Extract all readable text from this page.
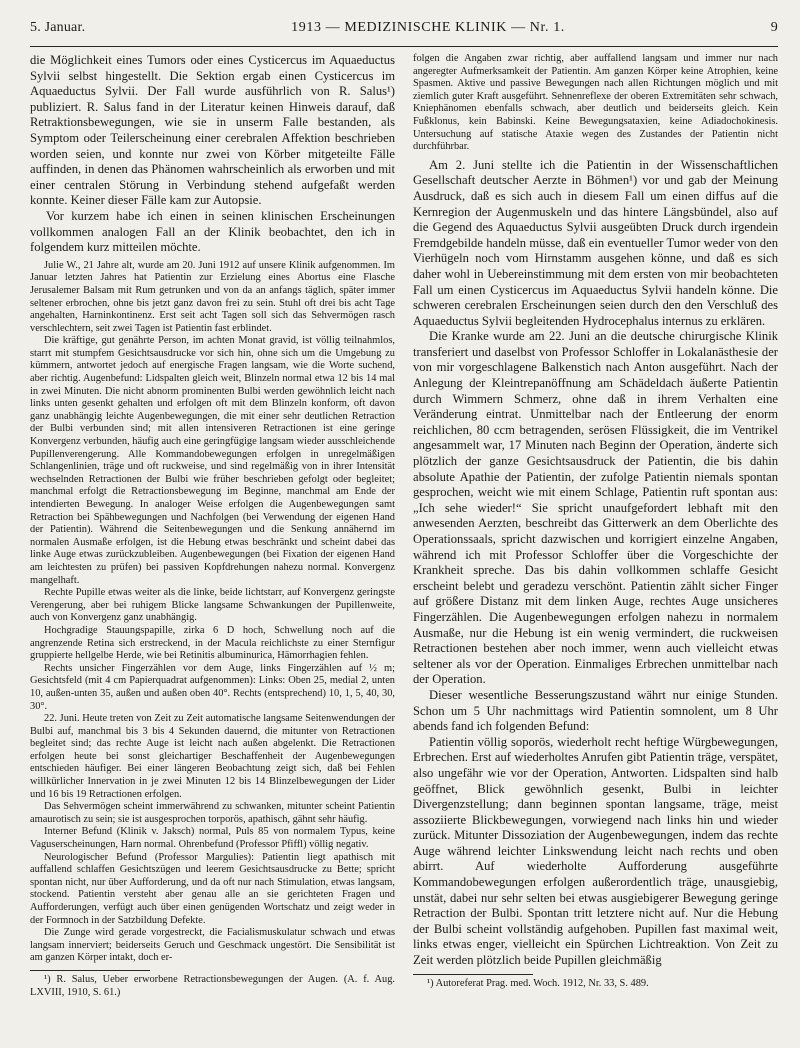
5. Januar.	1913 — MEDIZINISCHE KLINIK — Nr. 1.	9

die Möglichkeit eines Tumors oder eines Cysticercus im Aquaeductus Sylvii selbst hingestellt. Die Sektion ergab einen Cysticercus im Aquaeductus Sylvii. Der Fall wurde ausführlich von R. Salus¹) publiziert. R. Salus fand in der Literatur keinen Hinweis darauf, daß Retraktionsbewegungen, wie sie in unserm Falle bestanden, als Symptom oder Teilerscheinung einer cerebralen Affektion beschrieben worden seien, und konnte nur zwei von Körber mitgeteilte Fälle auffinden, in denen das Phänomen wahrscheinlich als erworben und mit einer centralen Störung in Verbindung stehend aufgefaßt werden konnte. Keiner dieser Fälle kam zur Autopsie.

Vor kurzem habe ich einen in seinen klinischen Erscheinungen vollkommen analogen Fall an der Klinik beobachtet, den ich in folgendem kurz mitteilen möchte.

Julie W., 21 Jahre alt, wurde am 20. Juni 1912 auf unsere Klinik aufgenommen. Im Januar letzten Jahres hat Patientin zur Erzielung eines Abortus eine Flasche Jerusalemer Balsam mit Rum getrunken und von da an anfangs täglich, später immer seltener erbrochen, ohne bis jetzt ganz davon frei zu sein. Stuhl oft drei bis acht Tage angehalten, Harninkontinenz. Erst seit acht Tagen soll sich das Sehvermögen rasch verschlechtern, seit zwei Tagen ist Patientin fast erblindet.

Die kräftige, gut genährte Person, im achten Monat gravid, ist völlig teilnahmlos, starrt mit stumpfem Gesichtsausdrucke vor sich hin, ohne sich um die Umgebung zu kümmern, antwortet jedoch auf energische Fragen langsam, wie die Worte suchend, aber richtig. Augenbefund: Lidspalten gleich weit, Blinzeln normal etwa 12 bis 14 mal in zwei Minuten. Die nicht abnorm prominenten Bulbi werden gewöhnlich leicht nach links unten gesenkt gehalten und erfolgen oft mit dem Blinzeln konform, oft davon ganz unabhängig leichte Augenbewegungen, die mit einer sehr deutlichen Retraction der Bulbi verbunden sind; mit allen intensiveren Retractionen ist eine geringe Konvergenz verbunden, häufig auch eine geringfügige langsam wieder ausschleichende Pupillenverengerung. Alle Kommandobewegungen erfolgen in unregelmäßigen Schlangenlinien, träge und oft ruckweise, und sind regelmäßig von in ihrer Intensität wechselnden Retractionen der Bulbi wie früher beschrieben gefolgt oder begleitet; manchmal erfolgt die Retractionsbewegung im Beginne, manchmal am Ende der intendierten Bewegung. In analoger Weise erfolgen die Augenbewegungen samt Retraction bei Spähbewegungen und Nachfolgen (bei Verwendung der eigenen Hand der Patientin). Während die Seitenbewegungen und die Senkung annähernd im normalen Ausmaße erfolgen, ist die Hebung etwas beschränkt und scheint dabei das linke Auge etwas zurückzubleiben. Augenbewegungen (bei Fixation der eigenen Hand am leichtesten zu prüfen) bei passiven Kopfdrehungen nahezu normal. Konvergenz mangelhaft.

Rechte Pupille etwas weiter als die linke, beide lichtstarr, auf Konvergenz geringste Verengerung, aber bei ruhigem Blicke langsame Schwankungen der Pupillenweite, auch von Konvergenz ganz unabhängig.

Hochgradige Stauungspapille, zirka 6 D hoch, Schwellung noch auf die angrenzende Retina sich erstreckend, in der Macula reichlichste zu einer Sternfigur gruppierte hellgelbe Herde, wie bei Retinitis albuminurica, Hämorrhagien fehlen.

Rechts unsicher Fingerzählen vor dem Auge, links Fingerzählen auf ½ m; Gesichtsfeld (mit 4 cm Papierquadrat aufgenommen): Links: Oben 25, medial 2, unten 10, außen-unten 35, außen und außen oben 40°. Rechts (entsprechend) 10, 1, 5, 40, 30, 30°.

22. Juni. Heute treten von Zeit zu Zeit automatische langsame Seitenwendungen der Bulbi auf, manchmal bis 3 bis 4 Sekunden dauernd, die mitunter von Retractionen begleitet sind; das rechte Auge ist leicht nach außen abgelenkt. Die Retractionen erfolgen heute bei sonst gleichartiger Beschaffenheit der Augenbewegungen entschieden häufiger. Bei einer längeren Beobachtung zeigt sich, daß bei Fehlen willkürlicher Innervation in je zwei Minuten 12 bis 14 Blinzelbewegungen der Lider und 16 bis 19 Retractionen erfolgen.

Das Sehvermögen scheint immerwährend zu schwanken, mitunter scheint Patientin amaurotisch zu sein; sie ist ausgesprochen torporös, apathisch, gähnt sehr häufig.

Interner Befund (Klinik v. Jaksch) normal, Puls 85 von normalem Typus, keine Vaguserscheinungen, Harn normal. Ohrenbefund (Professor Pfiffl) völlig negativ.

Neurologischer Befund (Professor Margulies): Patientin liegt apathisch mit auffallend schlaffen Gesichtszügen und leerem Gesichtsausdrucke zu Bette; spricht spontan nicht, nur über Aufforderung, und da oft nur nach Stimulation, etwas langsam, stockend. Patientin versteht aber genau alle an sie gerichteten Fragen und Aufforderungen, verfügt auch über einen genügenden Wortschatz und zeigt weder in der Formnoch in der Satzbildung Defekte.

Die Zunge wird gerade vorgestreckt, die Facialismuskulatur schwach und etwas langsam innerviert; beiderseits Geruch und Geschmack ungestört. Die Sensibilität ist am ganzen Körper intakt, doch er-

¹) R. Salus, Ueber erworbene Retractionsbewegungen der Augen. (A. f. Aug. LXVIII, 1910, S. 61.)

folgen die Angaben zwar richtig, aber auffallend langsam und immer nur nach angeregter Aufmerksamkeit der Patientin. Am ganzen Körper keine Atrophien, keine Spasmen. Aktive und passive Bewegungen nach allen Richtungen möglich und mit ziemlich guter Kraft ausgeführt. Sehnenreflexe der oberen Extremitäten sehr schwach, Kniephänomen ebenfalls schwach, aber deutlich und beiderseits gleich. Kein Fußklonus, kein Babinski. Keine Bewegungsataxien, keine Adiadochokinesis. Untersuchung auf statische Ataxie wegen des Zustandes der Patientin nicht durchführbar.

Am 2. Juni stellte ich die Patientin in der Wissenschaftlichen Gesellschaft deutscher Aerzte in Böhmen¹) vor und gab der Meinung Ausdruck, daß es sich auch in diesem Fall um einen diffus auf die Kernregion der Augenmuskeln und das hintere Längsbündel, also auf die Gegend des Aquaeductus Sylvii ausgeübten Druck durch irgendein Fremdgebilde handeln müsse, daß ein eventueller Tumor weder von den Vierhügeln noch vom Hirnstamm ausgehen könne, und daß es sich daher wohl in Uebereinstimmung mit dem ersten von mir beobachteten Fall um einen Cysticercus im Aquaeductus Sylvii handeln könne. Die schweren cerebralen Erscheinungen seien durch den den Verschluß des Aquaeductus Sylvii begleitenden Hydrocephalus internus zu erklären.

Die Kranke wurde am 22. Juni an die deutsche chirurgische Klinik transferiert und daselbst von Professor Schloffer in Lokalanästhesie der von mir vorgeschlagene Balkenstich nach Anton ausgeführt. Nach der Anlegung der Kleintrepanöffnung am Schädeldach äußerte Patientin durch Wimmern Schmerz, ohne daß in ihrem Verhalten eine Veränderung eintrat. Unmittelbar nach der Entleerung der enorm reichlichen, 80 ccm betragenden, serösen Flüssigkeit, die im Ventrikel angesammelt war, 17 Minuten nach Beginn der Operation, änderte sich plötzlich der ganze Gesichtsausdruck der Patientin, die bis dahin absolute Apathie der Patientin, der zufolge Patientin niemals spontan gesprochen, weicht wie mit einem Schlage, Patientin ruft spontan aus: „Ich sehe wieder!“ Sie spricht unaufgefordert lebhaft mit den anwesenden Aerzten, beschreibt das Gitterwerk an dem Oberlichte des Operationssaals, spricht dazwischen und korrigiert einzelne Angaben, während ich mit Professor Schloffer über die Vorgeschichte der Krankheit spreche. Das bis dahin vollkommen schlaffe Gesicht erscheint belebt und geradezu verschönt. Patientin zählt sicher Finger auf größere Distanz mit dem linken Auge, rechtes Auge unsicheres Fingerzählen. Die Augenbewegungen erfolgen nahezu in normalem Ausmaße, nur die Hebung ist ein wenig vermindert, die ruckweisen Retractionen bestehen aber noch immer, wenn auch vielleicht etwas seltener als vor der Operation. Einmaliges Erbrechen unmittelbar nach der Operation.

Dieser wesentliche Besserungszustand währt nur einige Stunden. Schon um 5 Uhr nachmittags wird Patientin somnolent, um 8 Uhr abends fand ich folgenden Befund:

Patientin völlig soporös, wiederholt recht heftige Würgbewegungen, Erbrechen. Erst auf wiederholtes Anrufen gibt Patientin träge, verspätet, also ungefähr wie vor der Operation, Antworten. Lidspalten sind halb geöffnet, Blick gewöhnlich gesenkt, Bulbi in leichter Divergenzstellung; dann beginnen spontan langsame, träge, meist assoziierte Blickbewegungen, vorwiegend nach links hin und wieder zurück. Mitunter Dissoziation der Augenbewegungen, indem das rechte Auge während leichter Linkswendung leicht nach rechts und oben abirrt. Auf wiederholte Aufforderung ausgeführte Kommandobewegungen erfolgen außerordentlich träge, unausgiebig, unstät, dabei nur sehr selten bei etwas ausgiebigerer Bewegung geringe Retraction der Bulbi. Spontan tritt letztere nicht auf. Nur die Hebung der Bulbi scheint vollständig aufgehoben. Pupillen fast maximal weit, links etwas enger, vielleicht ein Spürchen Lichtreaktion. Von Zeit zu Zeit werden plötzlich beide Pupillen gleichmäßig

¹) Autoreferat Prag. med. Woch. 1912, Nr. 33, S. 489.
